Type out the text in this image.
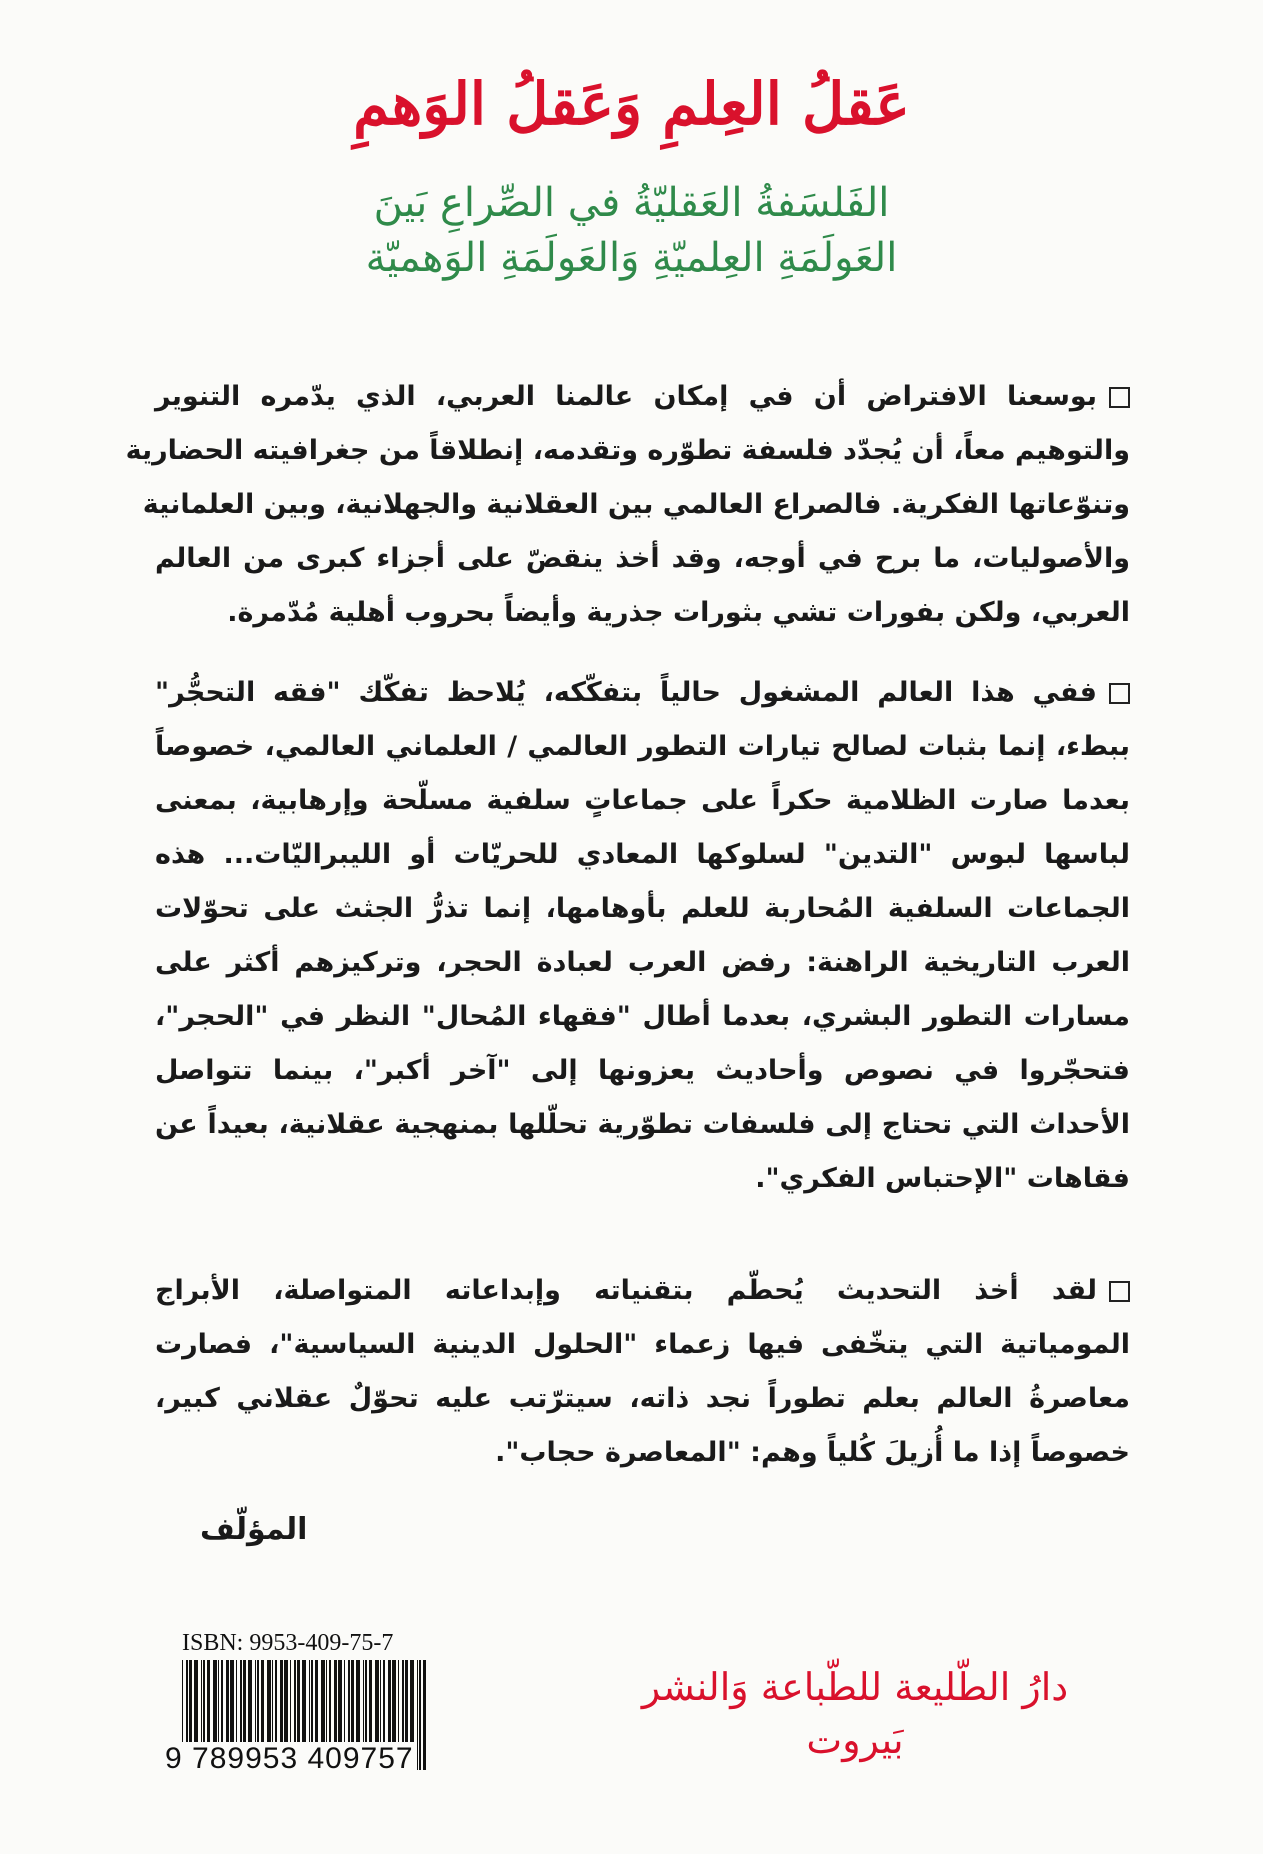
عَقلُ العِلمِ وَعَقلُ الوَهمِ
الفَلسَفةُ العَقليّةُ في الصِّراعِ بَينَ
العَولَمَةِ العِلميّةِ وَالعَولَمَةِ الوَهميّة
بوسعنا الافتراض أن في إمكان عالمنا العربي، الذي يدّمره التنوير
والتوهيم معاً، أن يُجدّد فلسفة تطوّره وتقدمه، إنطلاقاً من جغرافيته الحضارية
وتنوّعاتها الفكرية. فالصراع العالمي بين العقلانية والجهلانية، وبين العلمانية
والأصوليات، ما برح في أوجه، وقد أخذ ينقضّ على أجزاء كبرى من العالم
العربي، ولكن بفورات تشي بثورات جذرية وأيضاً بحروب أهلية مُدّمرة.
ففي هذا العالم المشغول حالياً بتفكّكه، يُلاحظ تفكّك "فقه التحجُّر"
ببطء، إنما بثبات لصالح تيارات التطور العالمي / العلماني العالمي، خصوصاً
بعدما صارت الظلامية حكراً على جماعاتٍ سلفية مسلّحة وإرهابية، بمعنى
لباسها لبوس "التدين" لسلوكها المعادي للحريّات أو الليبراليّات... هذه
الجماعات السلفية المُحاربة للعلم بأوهامها، إنما تذرُّ الجثث على تحوّلات
العرب التاريخية الراهنة: رفض العرب لعبادة الحجر، وتركيزهم أكثر على
مسارات التطور البشري، بعدما أطال "فقهاء المُحال" النظر في "الحجر"،
فتحجّروا في نصوص وأحاديث يعزونها إلى "آخر أكبر"، بينما تتواصل
الأحداث التي تحتاج إلى فلسفات تطوّرية تحلّلها بمنهجية عقلانية، بعيداً عن
فقاهات "الإحتباس الفكري".
لقد أخذ التحديث يُحطّم بتقنياته وإبداعاته المتواصلة، الأبراج
المومياتية التي يتخّفى فيها زعماء "الحلول الدينية السياسية"، فصارت
معاصرةُ العالم بعلم تطوراً نجد ذاته، سيترّتب عليه تحوّلٌ عقلاني كبير،
خصوصاً إذا ما أُزيلَ كُلياً وهم: "المعاصرة حجاب".
المؤلّف
ISBN: 9953-409-75-7
9 789953 409757
دارُ الطّليعة للطّباعة وَالنشر
بَيروت
